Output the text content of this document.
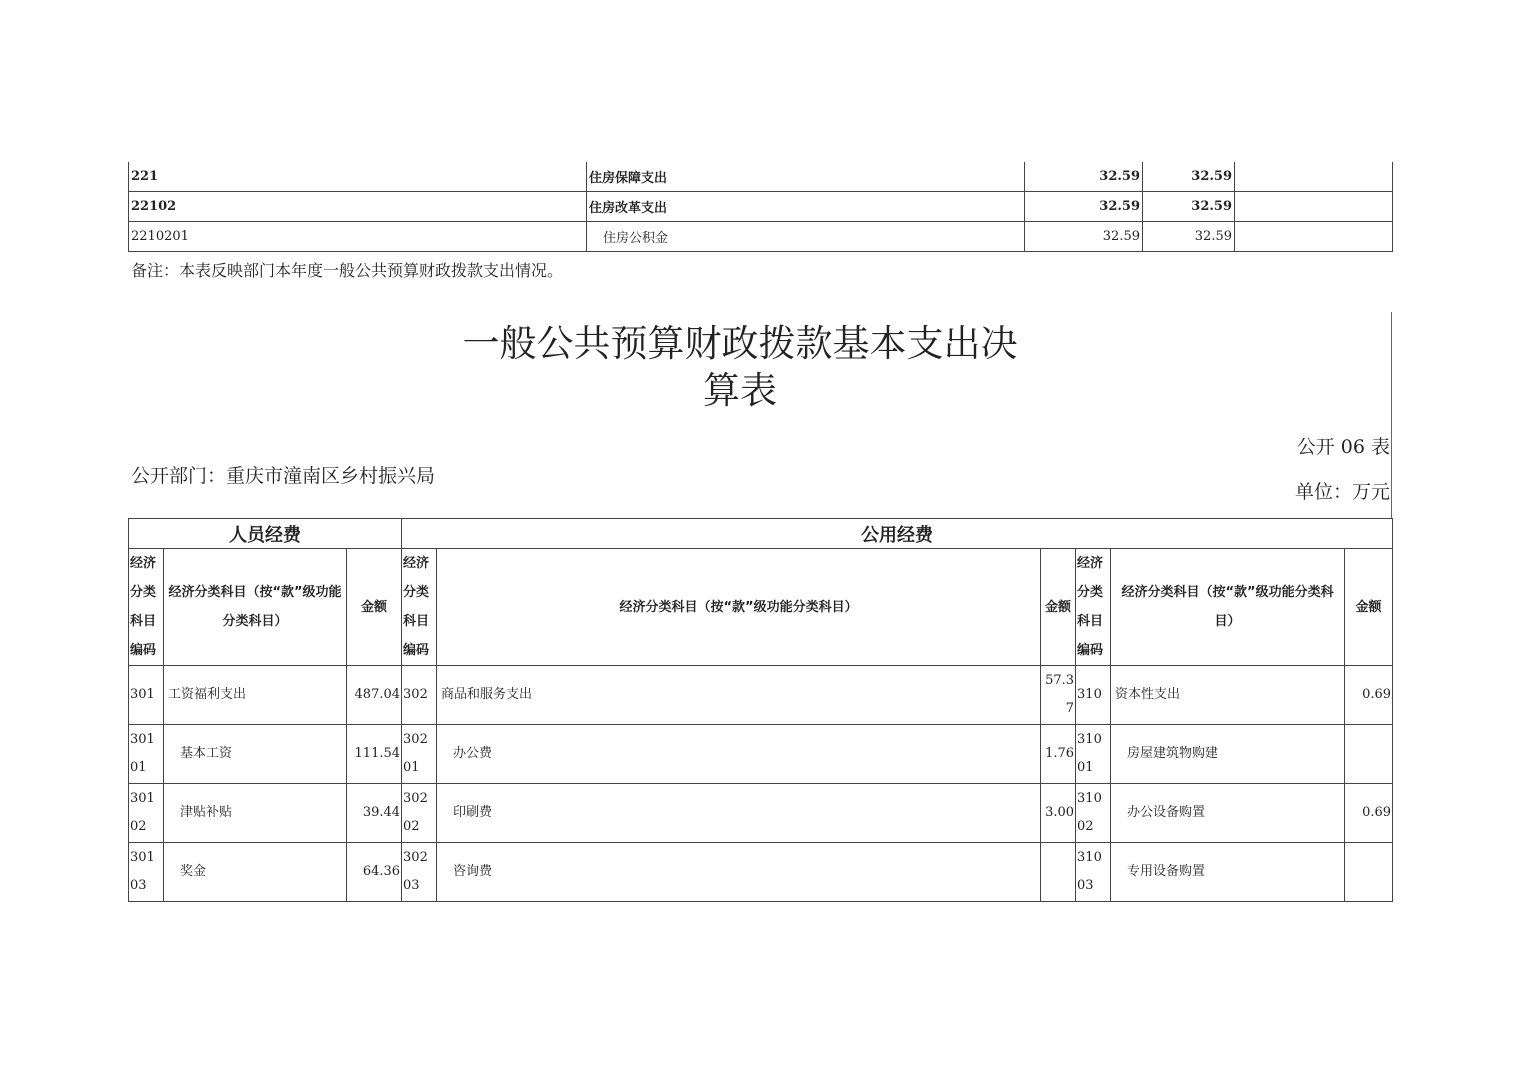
221	住房保障支出	32.59	32.59	
22102	住房改革支出	32.59	32.59	
2210201	住房公积金	32.59	32.59	
备注：本表反映部门本年度一般公共预算财政拨款支出情况。
一般公共预算财政拨款基本支出决
算表
公开 06 表
公开部门：重庆市潼南区乡村振兴局
单位：万元
人员经费			公用经费					
经济分类科目编码	经济分类科目（按“款”级功能分类科目）	金额	经济分类科目编码	经济分类科目（按“款”级功能分类科目）	金额	经济分类科目编码	经济分类科目（按“款”级功能分类科目）	金额
301	工资福利支出	487.04	302	商品和服务支出	57.37	310	资本性支出	0.69
30101	基本工资	111.54	30201	办公费	1.76	31001	房屋建筑物购建	
30102	津贴补贴	39.44	30202	印刷费	3.00	31002	办公设备购置	0.69
30103	奖金	64.36	30203	咨询费		31003	专用设备购置	
